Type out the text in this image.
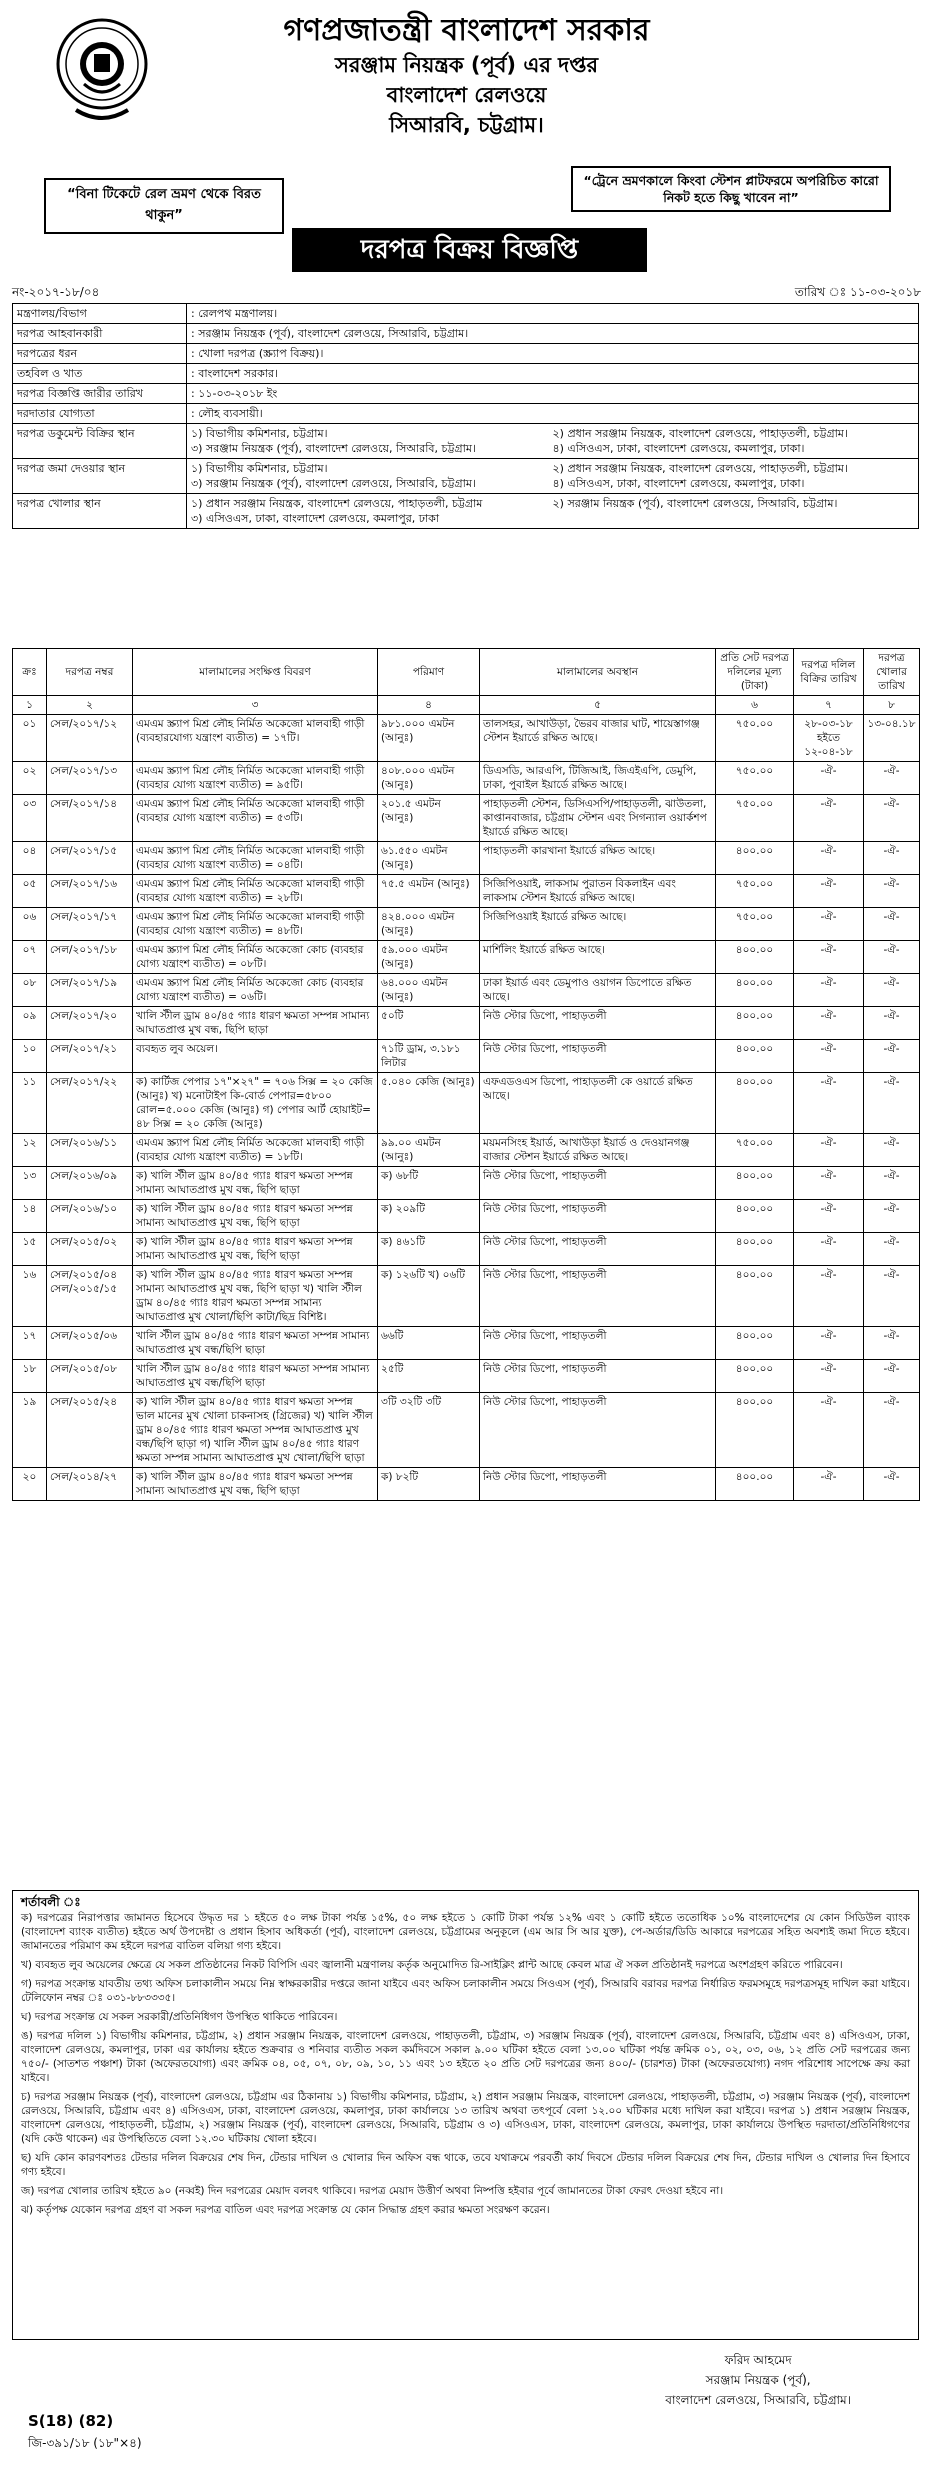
গণপ্রজাতন্ত্রী বাংলাদেশ সরকার
সরঞ্জাম নিয়ন্ত্রক (পূর্ব) এর দপ্তর
বাংলাদেশ রেলওয়ে
সিআরবি, চট্টগ্রাম।
“বিনা টিকেটে রেল ভ্রমণ থেকে বিরত থাকুন”
“ট্রেনে ভ্রমণকালে কিংবা স্টেশন প্লাটফরমে অপরিচিত কারো নিকট হতে কিছু খাবেন না”
দরপত্র বিক্রয় বিজ্ঞপ্তি
নং-২০১৭-১৮/০৪	তারিখ ঃ ১১-০৩-২০১৮
মন্ত্রণালয়/বিভাগ	: রেলপথ মন্ত্রণালয়।
দরপত্র আহবানকারী	: সরঞ্জাম নিয়ন্ত্রক (পূর্ব), বাংলাদেশ রেলওয়ে, সিআরবি, চট্টগ্রাম।
দরপত্রের ধরন	: খোলা দরপত্র (স্ক্র্যাপ বিক্রয়)।
তহবিল ও খাত	: বাংলাদেশ সরকার।
দরপত্র বিজ্ঞপ্তি জারীর তারিখ	: ১১-০৩-২০১৮ ইং
দরদাতার যোগ্যতা	: লৌহ ব্যবসায়ী।
দরপত্র ডকুমেন্ট বিক্রির স্থান	১) বিভাগীয় কমিশনার, চট্টগ্রাম।
৩) সরঞ্জাম নিয়ন্ত্রক (পূর্ব), বাংলাদেশ রেলওয়ে, সিআরবি, চট্টগ্রাম।
২) প্রধান সরঞ্জাম নিয়ন্ত্রক, বাংলাদেশ রেলওয়ে, পাহাড়তলী, চট্টগ্রাম।
৪) এসিওএস, ঢাকা, বাংলাদেশ রেলওয়ে, কমলাপুর, ঢাকা।

দরপত্র জমা দেওয়ার স্থান	১) বিভাগীয় কমিশনার, চট্টগ্রাম।
৩) সরঞ্জাম নিয়ন্ত্রক (পূর্ব), বাংলাদেশ রেলওয়ে, সিআরবি, চট্টগ্রাম।
২) প্রধান সরঞ্জাম নিয়ন্ত্রক, বাংলাদেশ রেলওয়ে, পাহাড়তলী, চট্টগ্রাম।
৪) এসিওএস, ঢাকা, বাংলাদেশ রেলওয়ে, কমলাপুর, ঢাকা।

দরপত্র খোলার স্থান	১) প্রধান সরঞ্জাম নিয়ন্ত্রক, বাংলাদেশ রেলওয়ে, পাহাড়তলী, চট্টগ্রাম
৩) এসিওএস, ঢাকা, বাংলাদেশ রেলওয়ে, কমলাপুর, ঢাকা
২) সরঞ্জাম নিয়ন্ত্রক (পূর্ব), বাংলাদেশ রেলওয়ে, সিআরবি, চট্টগ্রাম।
ক্রঃ	দরপত্র নম্বর	মালামালের সংক্ষিপ্ত বিবরণ	পরিমাণ	মালামালের অবস্থান	প্রতি সেট দরপত্র দলিলের মূল্য (টাকা)	দরপত্র দলিল বিক্রির তারিখ	দরপত্র খোলার তারিখ
১	২	৩	৪	৫	৬	৭	৮
০১	সেল/২০১৭/১২	এমএম স্ক্র্যাপ মিশ্র লৌহ নির্মিত অকেজো মালবাহী গাড়ী (ব্যবহারযোগ্য যন্ত্রাংশ ব্যতীত) = ১৭টি।	৯৮১.০০০ এমটন (আনুঃ)	তালসহর, আখাউড়া, ভৈরব বাজার ঘাট, শায়েস্তাগঞ্জ স্টেশন ইয়ার্ডে রক্ষিত আছে।	৭৫০.০০	২৮-০৩-১৮ হইতে ১২-০৪-১৮	১৩-০৪.১৮
০২	সেল/২০১৭/১৩	এমএম স্ক্র্যাপ মিশ্র লৌহ নির্মিত অকেজো মালবাহী গাড়ী (ব্যবহার যোগ্য যন্ত্রাংশ ব্যতীত) = ৯৫টি।	৪০৮.০০০ এমটন (আনুঃ)	ডিএসডি, আরএপি, টিজিআই, জিএইএপি, ডেমুপি, ঢাকা, পুবাইল ইয়ার্ডে রক্ষিত আছে।	৭৫০.০০	-ঐ-	-ঐ-
০৩	সেল/২০১৭/১৪	এমএম স্ক্র্যাপ মিশ্র লৌহ নির্মিত অকেজো মালবাহী গাড়ী (ব্যবহার যোগ্য যন্ত্রাংশ ব্যতীত) = ৫৩টি।	২০১.৫ এমটন (আনুঃ)	পাহাড়তলী স্টেশন, ডিসিএসপি/পাহাড়তলী, ঝাউতলা, কাপ্তানবাজার, চট্টগ্রাম স্টেশন এবং সিগন্যাল ওয়ার্কশপ ইয়ার্ডে রক্ষিত আছে।	৭৫০.০০	-ঐ-	-ঐ-
০৪	সেল/২০১৭/১৫	এমএম স্ক্র্যাপ মিশ্র লৌহ নির্মিত অকেজো মালবাহী গাড়ী (ব্যবহার যোগ্য যন্ত্রাংশ ব্যতীত) = ০৪টি।	৬১.৫৫০ এমটন (আনুঃ)	পাহাড়তলী কারখানা ইয়ার্ডে রক্ষিত আছে।	৪০০.০০	-ঐ-	-ঐ-
০৫	সেল/২০১৭/১৬	এমএম স্ক্র্যাপ মিশ্র লৌহ নির্মিত অকেজো মালবাহী গাড়ী (ব্যবহার যোগ্য যন্ত্রাংশ ব্যতীত) = ২৮টি।	৭৫.৫ এমটন (আনুঃ)	সিজিপিওয়াই, লাকসাম পুরাতন বিকলাইন এবং লাকসাম স্টেশন ইয়ার্ডে রক্ষিত আছে।	৭৫০.০০	-ঐ-	-ঐ-
০৬	সেল/২০১৭/১৭	এমএম স্ক্র্যাপ মিশ্র লৌহ নির্মিত অকেজো মালবাহী গাড়ী (ব্যবহার যোগ্য যন্ত্রাংশ ব্যতীত) = ৪৮টি।	৪২৪.০০০ এমটন (আনুঃ)	সিজিপিওয়াই ইয়ার্ডে রক্ষিত আছে।	৭৫০.০০	-ঐ-	-ঐ-
০৭	সেল/২০১৭/১৮	এমএম স্ক্র্যাপ মিশ্র লৌহ নির্মিত অকেজো কোচ (ব্যবহার যোগ্য যন্ত্রাংশ ব্যতীত) = ০৮টি।	৫৯.০০০ এমটন (আনুঃ)	মার্শিলিং ইয়ার্ডে রক্ষিত আছে।	৪০০.০০	-ঐ-	-ঐ-
০৮	সেল/২০১৭/১৯	এমএম স্ক্র্যাপ মিশ্র লৌহ নির্মিত অকেজো কোচ (ব্যবহার যোগ্য যন্ত্রাংশ ব্যতীত) = ০৬টি।	৬৪.০০০ এমটন (আনুঃ)	ঢাকা ইয়ার্ড এবং ডেমুপাও ওয়াগন ডিপোতে রক্ষিত আছে।	৪০০.০০	-ঐ-	-ঐ-
০৯	সেল/২০১৭/২০	খালি স্টীল ড্রাম ৪০/৪৫ গ্যাঃ ধারণ ক্ষমতা সম্পন্ন সামান্য আঘাতপ্রাপ্ত মুখ বন্ধ, ছিপি ছাড়া	৫০টি	নিউ স্টোর ডিপো, পাহাড়তলী	৪০০.০০	-ঐ-	-ঐ-
১০	সেল/২০১৭/২১	ব্যবহৃত লুব অয়েল।	৭১টি ড্রাম, ৩.১৮১ লিটার	নিউ স্টোর ডিপো, পাহাড়তলী	৪০০.০০	-ঐ-	-ঐ-
১১	সেল/২০১৭/২২	ক) কার্টিজ পেপার ১৭"×২৭" = ৭০৬ সিক্স = ২০ কেজি (আনুঃ) খ) মনোটাইপ কি-বোর্ড পেপার=৫৮০০ রোল=৫.০০০ কেজি (আনুঃ) গ) পেপার আর্ট হোয়াইট= ৪৮ সিক্স = ২০ কেজি (আনুঃ)	৫.০৪০ কেজি (আনুঃ)	এফএডওএস ডিপো, পাহাড়তলী কে ওয়ার্ডে রক্ষিত আছে।	৪০০.০০	-ঐ-	-ঐ-
১২	সেল/২০১৬/১১	এমএম স্ক্র্যাপ মিশ্র লৌহ নির্মিত অকেজো মালবাহী গাড়ী (ব্যবহার যোগ্য যন্ত্রাংশ ব্যতীত) = ১৮টি।	৯৯.০০ এমটন (আনুঃ)	ময়মনসিংহ ইয়ার্ড, আখাউড়া ইয়ার্ড ও দেওয়ানগঞ্জ বাজার স্টেশন ইয়ার্ডে রক্ষিত আছে।	৭৫০.০০	-ঐ-	-ঐ-
১৩	সেল/২০১৬/০৯	ক) খালি স্টীল ড্রাম ৪০/৪৫ গ্যাঃ ধারণ ক্ষমতা সম্পন্ন সামান্য আঘাতপ্রাপ্ত মুখ বন্ধ, ছিপি ছাড়া	ক) ৬৮টি	নিউ স্টোর ডিপো, পাহাড়তলী	৪০০.০০	-ঐ-	-ঐ-
১৪	সেল/২০১৬/১০	ক) খালি স্টীল ড্রাম ৪০/৪৫ গ্যাঃ ধারণ ক্ষমতা সম্পন্ন সামান্য আঘাতপ্রাপ্ত মুখ বন্ধ, ছিপি ছাড়া	ক) ২০৯টি	নিউ স্টোর ডিপো, পাহাড়তলী	৪০০.০০	-ঐ-	-ঐ-
১৫	সেল/২০১৫/০২	ক) খালি স্টীল ড্রাম ৪০/৪৫ গ্যাঃ ধারণ ক্ষমতা সম্পন্ন সামান্য আঘাতপ্রাপ্ত মুখ বন্ধ, ছিপি ছাড়া	ক) ৪৬১টি	নিউ স্টোর ডিপো, পাহাড়তলী	৪০০.০০	-ঐ-	-ঐ-
১৬	সেল/২০১৫/০৪ সেল/২০১৫/১৫	ক) খালি স্টীল ড্রাম ৪০/৪৫ গ্যাঃ ধারণ ক্ষমতা সম্পন্ন সামান্য আঘাতপ্রাপ্ত মুখ বন্ধ, ছিপি ছাড়া খ) খালি স্টীল ড্রাম ৪০/৪৫ গ্যাঃ ধারণ ক্ষমতা সম্পন্ন সামান্য আঘাতপ্রাপ্ত মুখ খোলা/ছিপি কাটা/ছিদ্র বিশিষ্ট।	ক) ১২৬টি খ) ০৬টি	নিউ স্টোর ডিপো, পাহাড়তলী	৪০০.০০	-ঐ-	-ঐ-
১৭	সেল/২০১৫/০৬	খালি স্টীল ড্রাম ৪০/৪৫ গ্যাঃ ধারণ ক্ষমতা সম্পন্ন সামান্য আঘাতপ্রাপ্ত মুখ বন্ধ/ছিপি ছাড়া	৬৬টি	নিউ স্টোর ডিপো, পাহাড়তলী	৪০০.০০	-ঐ-	-ঐ-
১৮	সেল/২০১৫/০৮	খালি স্টীল ড্রাম ৪০/৪৫ গ্যাঃ ধারণ ক্ষমতা সম্পন্ন সামান্য আঘাতপ্রাপ্ত মুখ বন্ধ/ছিপি ছাড়া	২৫টি	নিউ স্টোর ডিপো, পাহাড়তলী	৪০০.০০	-ঐ-	-ঐ-
১৯	সেল/২০১৫/২৪	ক) খালি স্টীল ড্রাম ৪০/৪৫ গ্যাঃ ধারণ ক্ষমতা সম্পন্ন ভাল মানের মুখ খোলা চাকনাসহ (গ্রিজের) খ) খালি স্টীল ড্রাম ৪০/৪৫ গ্যাঃ ধারণ ক্ষমতা সম্পন্ন আঘাতপ্রাপ্ত মুখ বন্ধ/ছিপি ছাড়া গ) খালি স্টীল ড্রাম ৪০/৪৫ গ্যাঃ ধারণ ক্ষমতা সম্পন্ন সামান্য আঘাতপ্রাপ্ত মুখ খোলা/ছিপি ছাড়া	৩টি ৩২টি ৩টি	নিউ স্টোর ডিপো, পাহাড়তলী	৪০০.০০	-ঐ-	-ঐ-
২০	সেল/২০১৪/২৭	ক) খালি স্টীল ড্রাম ৪০/৪৫ গ্যাঃ ধারণ ক্ষমতা সম্পন্ন সামান্য আঘাতপ্রাপ্ত মুখ বন্ধ, ছিপি ছাড়া	ক) ৮২টি	নিউ স্টোর ডিপো, পাহাড়তলী	৪০০.০০	-ঐ-	-ঐ-
শর্তাবলী ঃ

ক) দরপত্রের নিরাপত্তার জামানত হিসেবে উদ্ধৃত দর ১ হইতে ৫০ লক্ষ টাকা পর্যন্ত ১৫%, ৫০ লক্ষ হইতে ১ কোটি টাকা পর্যন্ত ১২% এবং ১ কোটি হইতে ততোধিক ১০% বাংলাদেশের যে কোন সিডিউল ব্যাংক (বাংলাদেশ ব্যাংক ব্যতীত) হইতে অর্থ উপদেষ্টা ও প্রধান হিসাব অধিকর্তা (পূর্ব), বাংলাদেশ রেলওয়ে, চট্টগ্রামের অনুকূলে (এম আর সি আর যুক্ত), পে-অর্ডার/ডিডি আকারে দরপত্রের সহিত অবশ্যই জমা দিতে হইবে। জামানতের পরিমাণ কম হইলে দরপত্র বাতিল বলিয়া গণ্য হইবে।

খ) ব্যবহৃত লুব অয়েলের ক্ষেত্রে যে সকল প্রতিষ্ঠানের নিকট বিপিসি এবং জ্বালানী মন্ত্রণালয় কর্তৃক অনুমোদিত রি-সাইক্লিং প্লান্ট আছে কেবল মাত্র ঐ সকল প্রতিষ্ঠানই দরপত্রে অংশগ্রহণ করিতে পারিবেন।

গ) দরপত্র সংক্রান্ত যাবতীয় তথ্য অফিস চলাকালীন সময়ে নিম্ন স্বাক্ষরকারীর দপ্তরে জানা যাইবে এবং অফিস চলাকালীন সময়ে সিওএস (পূর্ব), সিআরবি বরাবর দরপত্র নির্ধারিত ফরমসমূহে দরপত্রসমূহ দাখিল করা যাইবে। টেলিফোন নম্বর ঃ ০৩১-৮৮৩৩৩৫।

ঘ) দরপত্র সংক্রান্ত যে সকল সরকারী/প্রতিনিধিগণ উপস্থিত থাকিতে পারিবেন।

ঙ) দরপত্র দলিল ১) বিভাগীয় কমিশনার, চট্টগ্রাম, ২) প্রধান সরঞ্জাম নিয়ন্ত্রক, বাংলাদেশ রেলওয়ে, পাহাড়তলী, চট্টগ্রাম, ৩) সরঞ্জাম নিয়ন্ত্রক (পূর্ব), বাংলাদেশ রেলওয়ে, সিআরবি, চট্টগ্রাম এবং ৪) এসিওএস, ঢাকা, বাংলাদেশ রেলওয়ে, কমলাপুর, ঢাকা এর কার্যালয় হইতে শুক্রবার ও শনিবার ব্যতীত সকল কর্মদিবসে সকাল ৯.০০ ঘটিকা হইতে বেলা ১৩.০০ ঘটিকা পর্যন্ত ক্রমিক ০১, ০২, ০৩, ০৬, ১২ প্রতি সেট দরপত্রের জন্য ৭৫০/- (সাতশত পঞ্চাশ) টাকা (অফেরতযোগ্য) এবং ক্রমিক ০৪, ০৫, ০৭, ০৮, ০৯, ১০, ১১ এবং ১৩ হইতে ২০ প্রতি সেট দরপত্রের জন্য ৪০০/- (চারশত) টাকা (অফেরতযোগ্য) নগদ পরিশোধ সাপেক্ষে ক্রয় করা যাইবে।

চ) দরপত্র সরঞ্জাম নিয়ন্ত্রক (পূর্ব), বাংলাদেশ রেলওয়ে, চট্টগ্রাম এর ঠিকানায় ১) বিভাগীয় কমিশনার, চট্টগ্রাম, ২) প্রধান সরঞ্জাম নিয়ন্ত্রক, বাংলাদেশ রেলওয়ে, পাহাড়তলী, চট্টগ্রাম, ৩) সরঞ্জাম নিয়ন্ত্রক (পূর্ব), বাংলাদেশ রেলওয়ে, সিআরবি, চট্টগ্রাম এবং ৪) এসিওএস, ঢাকা, বাংলাদেশ রেলওয়ে, কমলাপুর, ঢাকা কার্যালয়ে ১৩ তারিখ অথবা তৎপূর্বে বেলা ১২.০০ ঘটিকার মধ্যে দাখিল করা যাইবে। দরপত্র ১) প্রধান সরঞ্জাম নিয়ন্ত্রক, বাংলাদেশ রেলওয়ে, পাহাড়তলী, চট্টগ্রাম, ২) সরঞ্জাম নিয়ন্ত্রক (পূর্ব), বাংলাদেশ রেলওয়ে, সিআরবি, চট্টগ্রাম ও ৩) এসিওএস, ঢাকা, বাংলাদেশ রেলওয়ে, কমলাপুর, ঢাকা কার্যালয়ে উপস্থিত দরদাতা/প্রতিনিধিগণের (যদি কেউ থাকেন) এর উপস্থিতিতে বেলা ১২.৩০ ঘটিকায় খোলা হইবে।

ছ) যদি কোন কারণবশতঃ টেন্ডার দলিল বিক্রয়ের শেষ দিন, টেন্ডার দাখিল ও খোলার দিন অফিস বন্ধ থাকে, তবে যথাক্রমে পরবর্তী কার্য দিবসে টেন্ডার দলিল বিক্রয়ের শেষ দিন, টেন্ডার দাখিল ও খোলার দিন হিসাবে গণ্য হইবে।

জ) দরপত্র খোলার তারিখ হইতে ৯০ (নব্বই) দিন দরপত্রের মেয়াদ বলবৎ থাকিবে। দরপত্র মেয়াদ উত্তীর্ণ অথবা নিষ্পত্তি হইবার পূর্বে জামানতের টাকা ফেরৎ দেওয়া হইবে না।

ঝ) কর্তৃপক্ষ যেকোন দরপত্র গ্রহণ বা সকল দরপত্র বাতিল এবং দরপত্র সংক্রান্ত যে কোন সিদ্ধান্ত গ্রহণ করার ক্ষমতা সংরক্ষণ করেন।

S(18) (82)
জি-৩৯১/১৮ (১৮"×৪)
ফরিদ আহমেদ
সরঞ্জাম নিয়ন্ত্রক (পূর্ব),
বাংলাদেশ রেলওয়ে, সিআরবি, চট্টগ্রাম।
